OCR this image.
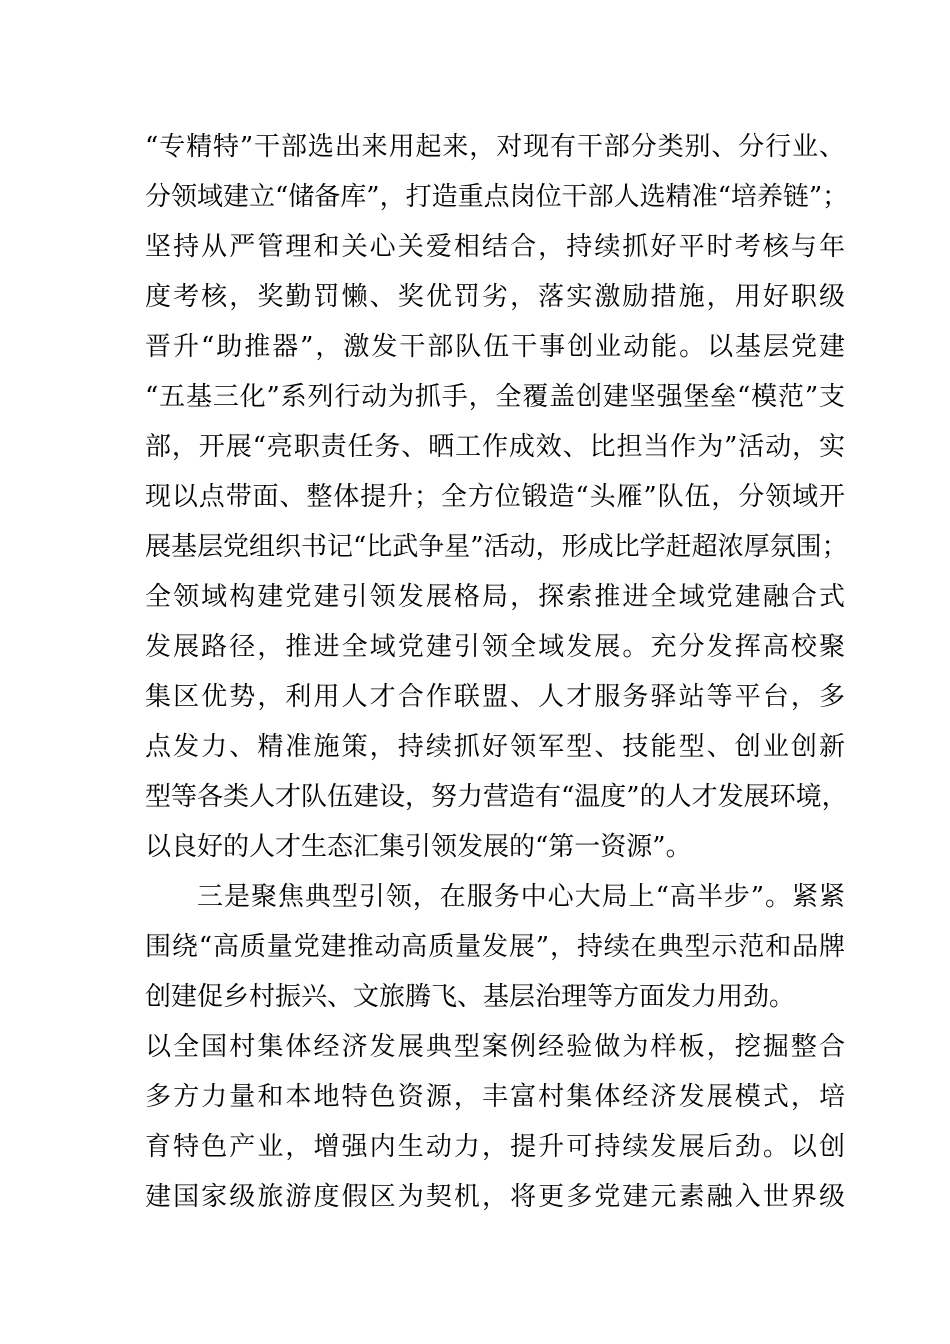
“专精特”干部选出来用起来，对现有干部分类别、分行业、
分领域建立“储备库”，打造重点岗位干部人选精准“培养链”；
坚持从严管理和关心关爱相结合，持续抓好平时考核与年
度考核，奖勤罚懒、奖优罚劣，落实激励措施，用好职级
晋升“助推器”，激发干部队伍干事创业动能。以基层党建
“五基三化”系列行动为抓手，全覆盖创建坚强堡垒“模范”支
部，开展“亮职责任务、晒工作成效、比担当作为”活动，实
现以点带面、整体提升；全方位锻造“头雁”队伍，分领域开
展基层党组织书记“比武争星”活动，形成比学赶超浓厚氛围；
全领域构建党建引领发展格局，探索推进全域党建融合式
发展路径，推进全域党建引领全域发展。充分发挥高校聚
集区优势，利用人才合作联盟、人才服务驿站等平台，多
点发力、精准施策，持续抓好领军型、技能型、创业创新
型等各类人才队伍建设，努力营造有“温度”的人才发展环境，
以良好的人才生态汇集引领发展的“第一资源”。
三是聚焦典型引领，在服务中心大局上“高半步”。紧紧
围绕“高质量党建推动高质量发展”，持续在典型示范和品牌
创建促乡村振兴、文旅腾飞、基层治理等方面发力用劲。
以全国村集体经济发展典型案例经验做为样板，挖掘整合
多方力量和本地特色资源，丰富村集体经济发展模式，培
育特色产业，增强内生动力，提升可持续发展后劲。以创
建国家级旅游度假区为契机，将更多党建元素融入世界级
